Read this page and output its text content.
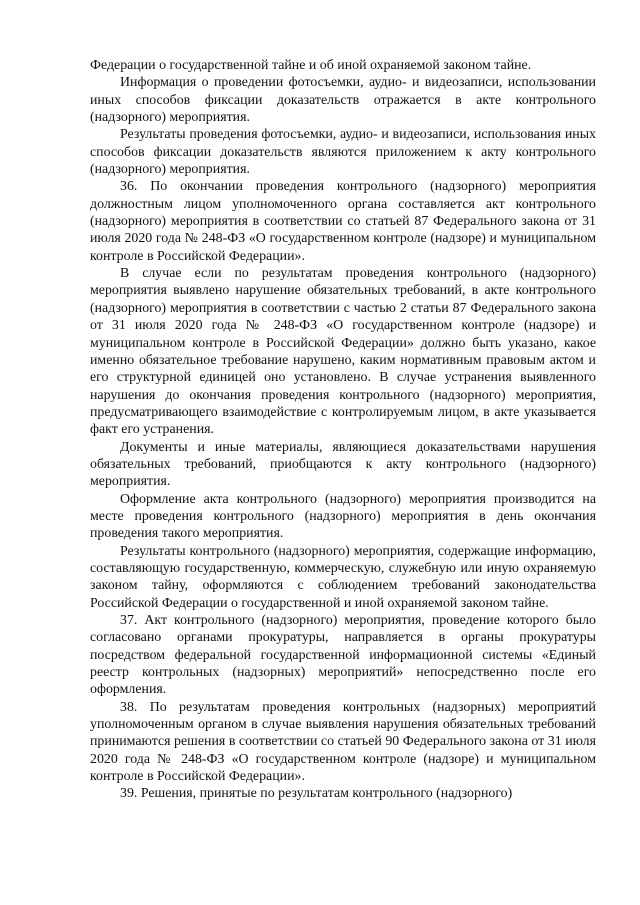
Федерации о государственной тайне и об иной охраняемой законом тайне.

Информация о проведении фотосъемки, аудио- и видеозаписи, использовании иных способов фиксации доказательств отражается в акте контрольного (надзорного) мероприятия.

Результаты проведения фотосъемки, аудио- и видеозаписи, использования иных способов фиксации доказательств являются приложением к акту контрольного (надзорного) мероприятия.

36. По окончании проведения контрольного (надзорного) мероприятия должностным лицом уполномоченного органа составляется акт контрольного (надзорного) мероприятия в соответствии со статьей 87 Федерального закона от 31 июля 2020 года № 248-ФЗ «О государственном контроле (надзоре) и муниципальном контроле в Российской Федерации».

В случае если по результатам проведения контрольного (надзорного) мероприятия выявлено нарушение обязательных требований, в акте контрольного (надзорного) мероприятия в соответствии с частью 2 статьи 87 Федерального закона от 31 июля 2020 года № 248-ФЗ «О государственном контроле (надзоре) и муниципальном контроле в Российской Федерации» должно быть указано, какое именно обязательное требование нарушено, каким нормативным правовым актом и его структурной единицей оно установлено. В случае устранения выявленного нарушения до окончания проведения контрольного (надзорного) мероприятия, предусматривающего взаимодействие с контролируемым лицом, в акте указывается факт его устранения.

Документы и иные материалы, являющиеся доказательствами нарушения обязательных требований, приобщаются к акту контрольного (надзорного) мероприятия.

Оформление акта контрольного (надзорного) мероприятия производится на месте проведения контрольного (надзорного) мероприятия в день окончания проведения такого мероприятия.

Результаты контрольного (надзорного) мероприятия, содержащие информацию, составляющую государственную, коммерческую, служебную или иную охраняемую законом тайну, оформляются с соблюдением требований законодательства Российской Федерации о государственной и иной охраняемой законом тайне.

37. Акт контрольного (надзорного) мероприятия, проведение которого было согласовано органами прокуратуры, направляется в органы прокуратуры посредством федеральной государственной информационной системы «Единый реестр контрольных (надзорных) мероприятий» непосредственно после его оформления.

38. По результатам проведения контрольных (надзорных) мероприятий уполномоченным органом в случае выявления нарушения обязательных требований принимаются решения в соответствии со статьей 90 Федерального закона от 31 июля 2020 года № 248-ФЗ «О государственном контроле (надзоре) и муниципальном контроле в Российской Федерации».

39. Решения, принятые по результатам контрольного (надзорного)
